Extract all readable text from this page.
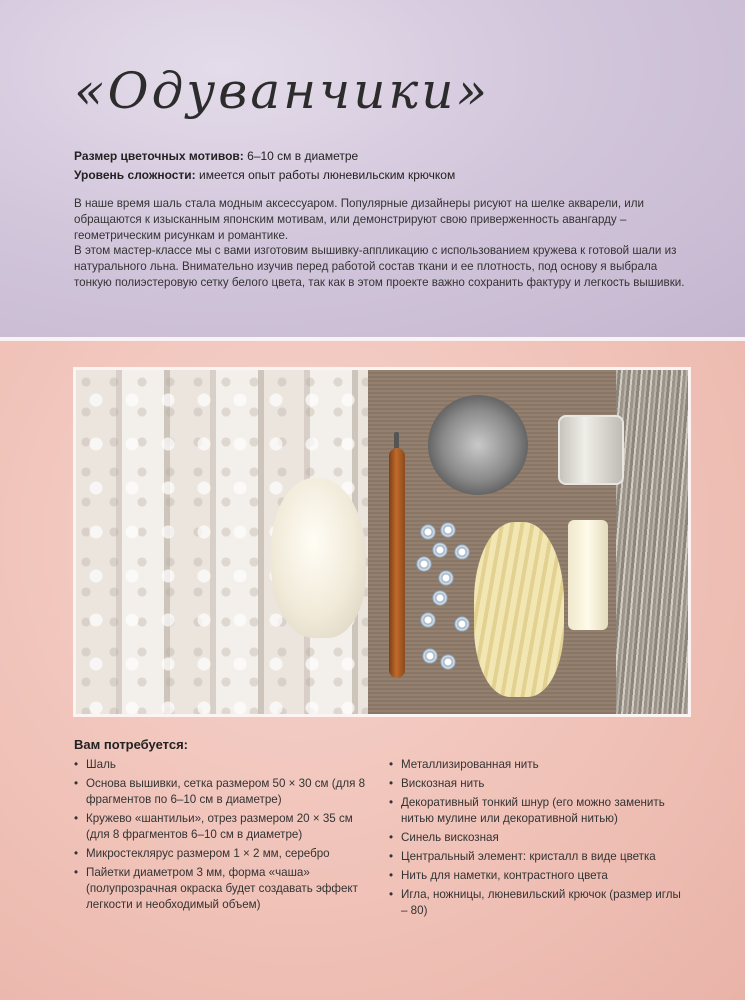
«Одуванчики»
Размер цветочных мотивов: 6–10 см в диаметре
Уровень сложности: имеется опыт работы люневильским крючком

В наше время шаль стала модным аксессуаром. Популярные дизайнеры рисуют на шелке акварели, или обращаются к изысканным японским мотивам, или демонстрируют свою приверженность авангарду – геометрическим рисункам и романтике.

В этом мастер-классе мы с вами изготовим вышивку-аппликацию с использованием кружева к готовой шали из натурального льна. Внимательно изучив перед работой состав ткани и ее плотность, под основу я выбрала тонкую полиэстеровую сетку белого цвета, так как в этом проекте важно сохранить фактуру и легкость вышивки.

Вам потребуется:
• Шаль
• Основа вышивки, сетка размером 50 × 30 см (для 8 фрагментов по 6–10 см в диаметре)
• Кружево «шантильи», отрез размером 20 × 35 см (для 8 фрагментов 6–10 см в диаметре)
• Микростеклярус размером 1 × 2 мм, серебро
• Пайетки диаметром 3 мм, форма «чаша» (полупрозрачная окраска будет создавать эффект легкости и необходимый объем)
• Металлизированная нить
• Вискозная нить
• Декоративный тонкий шнур (его можно заменить нитью мулине или декоративной нитью)
• Синель вискозная
• Центральный элемент: кристалл в виде цветка
• Нить для наметки, контрастного цвета
• Игла, ножницы, люневильский крючок (размер иглы – 80)
